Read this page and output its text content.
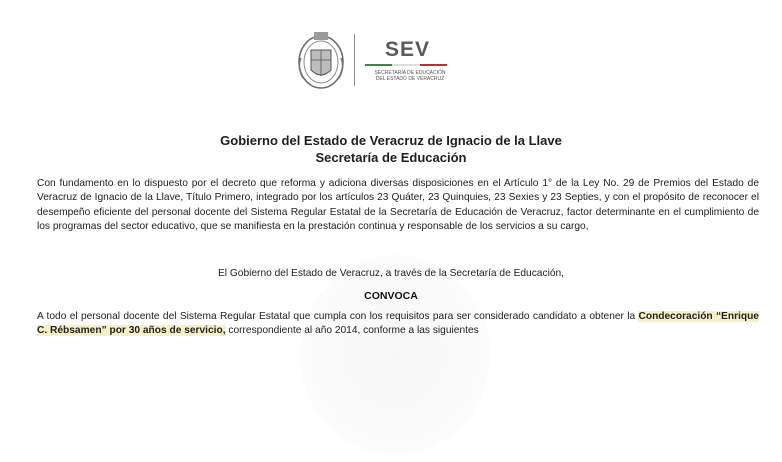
SEV
SECRETARÍA DE EDUCACIÓN
DEL ESTADO DE VERACRUZ
Gobierno del Estado de Veracruz de Ignacio de la Llave
Secretaría de Educación
Con fundamento en lo dispuesto por el decreto que reforma y adiciona diversas disposiciones en el Artículo 1° de la Ley No. 29 de Premios del Estado de Veracruz de Ignacio de la Llave, Título Primero, integrado por los artículos 23 Quáter, 23 Quinquies, 23 Sexies y 23 Septies, y con el propósito de reconocer el desempeño eficiente del personal docente del Sistema Regular Estatal de la Secretaría de Educación de Veracruz, factor determinante en el cumplimiento de los programas del sector educativo, que se manifiesta en la prestación continua y responsable de los servicios a su cargo,
El Gobierno del Estado de Veracruz, a través de la Secretaría de Educación,
CONVOCA
A todo el personal docente del Sistema Regular Estatal que cumpla con los requisitos para ser considerado candidato a obtener la Condecoración “Enrique C. Rébsamen” por 30 años de servicio, correspondiente al año 2014, conforme a las siguientes
